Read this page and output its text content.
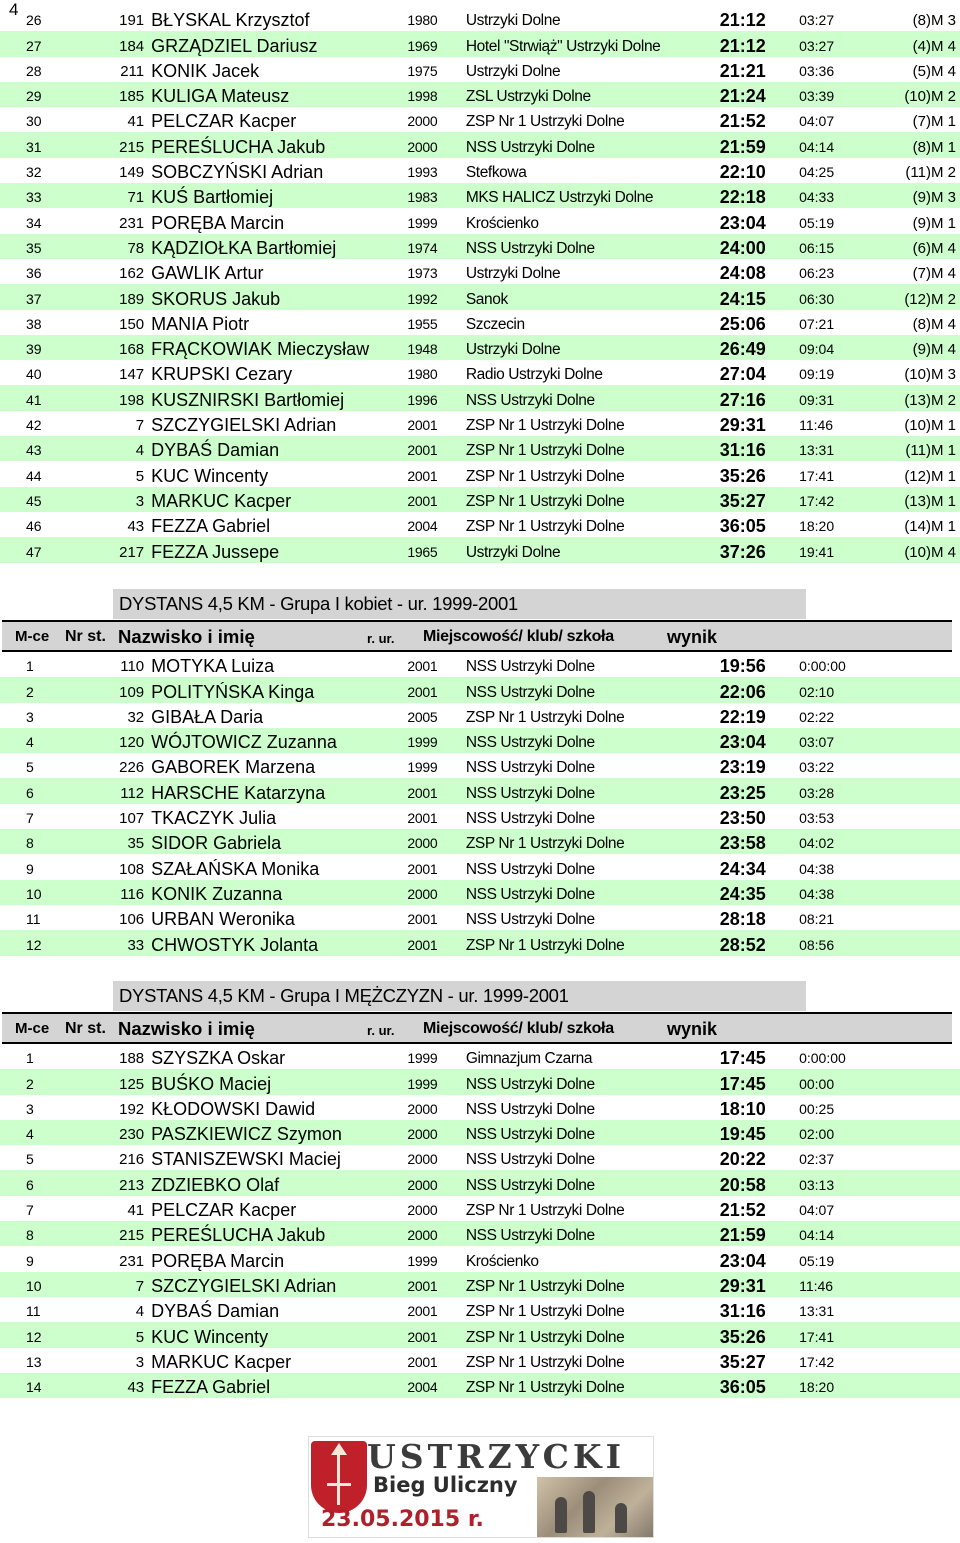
4
26	191	BŁYSKAL Krzysztof	1980	Ustrzyki Dolne	21:12	03:27	(8)M 3
27	184	GRZĄDZIEL Dariusz	1969	Hotel "Strwiąż" Ustrzyki Dolne	21:12	03:27	(4)M 4
28	211	KONIK Jacek	1975	Ustrzyki Dolne	21:21	03:36	(5)M 4
29	185	KULIGA Mateusz	1998	ZSL Ustrzyki Dolne	21:24	03:39	(10)M 2
30	41	PELCZAR Kacper	2000	ZSP Nr 1 Ustrzyki Dolne	21:52	04:07	(7)M 1
31	215	PEREŚLUCHA Jakub	2000	NSS Ustrzyki Dolne	21:59	04:14	(8)M 1
32	149	SOBCZYŃSKI Adrian	1993	Stefkowa	22:10	04:25	(11)M 2
33	71	KUŚ Bartłomiej	1983	MKS HALICZ Ustrzyki Dolne	22:18	04:33	(9)M 3
34	231	PORĘBA Marcin	1999	Krościenko	23:04	05:19	(9)M 1
35	78	KĄDZIOŁKA Bartłomiej	1974	NSS Ustrzyki Dolne	24:00	06:15	(6)M 4
36	162	GAWLIK Artur	1973	Ustrzyki Dolne	24:08	06:23	(7)M 4
37	189	SKORUS Jakub	1992	Sanok	24:15	06:30	(12)M 2
38	150	MANIA Piotr	1955	Szczecin	25:06	07:21	(8)M 4
39	168	FRĄCKOWIAK Mieczysław	1948	Ustrzyki Dolne	26:49	09:04	(9)M 4
40	147	KRUPSKI Cezary	1980	Radio Ustrzyki Dolne	27:04	09:19	(10)M 3
41	198	KUSZNIRSKI Bartłomiej	1996	NSS Ustrzyki Dolne	27:16	09:31	(13)M 2
42	7	SZCZYGIELSKI Adrian	2001	ZSP Nr 1 Ustrzyki Dolne	29:31	11:46	(10)M 1
43	4	DYBAŚ Damian	2001	ZSP Nr 1 Ustrzyki Dolne	31:16	13:31	(11)M 1
44	5	KUC Wincenty	2001	ZSP Nr 1 Ustrzyki Dolne	35:26	17:41	(12)M 1
45	3	MARKUC Kacper	2001	ZSP Nr 1 Ustrzyki Dolne	35:27	17:42	(13)M 1
46	43	FEZZA Gabriel	2004	ZSP Nr 1 Ustrzyki Dolne	36:05	18:20	(14)M 1
47	217	FEZZA Jussepe	1965	Ustrzyki Dolne	37:26	19:41	(10)M 4
DYSTANS 4,5 KM - Grupa I kobiet - ur. 1999-2001
M-ce Nr st. Nazwisko i imię	r. ur. Miejscowość/ klub/ szkoła	wynik
1	110	MOTYKA Luiza	2001	NSS Ustrzyki Dolne	19:56	0:00:00	
2	109	POLITYŃSKA Kinga	2001	NSS Ustrzyki Dolne	22:06	02:10	
3	32	GIBAŁA Daria	2005	ZSP Nr 1 Ustrzyki Dolne	22:19	02:22	
4	120	WÓJTOWICZ Zuzanna	1999	NSS Ustrzyki Dolne	23:04	03:07	
5	226	GABOREK Marzena	1999	NSS Ustrzyki Dolne	23:19	03:22	
6	112	HARSCHE Katarzyna	2001	NSS Ustrzyki Dolne	23:25	03:28	
7	107	TKACZYK Julia	2001	NSS Ustrzyki Dolne	23:50	03:53	
8	35	SIDOR Gabriela	2000	ZSP Nr 1 Ustrzyki Dolne	23:58	04:02	
9	108	SZAŁAŃSKA Monika	2001	NSS Ustrzyki Dolne	24:34	04:38	
10	116	KONIK Zuzanna	2000	NSS Ustrzyki Dolne	24:35	04:38	
11	106	URBAN Weronika	2001	NSS Ustrzyki Dolne	28:18	08:21	
12	33	CHWOSTYK Jolanta	2001	ZSP Nr 1 Ustrzyki Dolne	28:52	08:56	
DYSTANS 4,5 KM - Grupa I MĘŻCZYZN - ur. 1999-2001
M-ce Nr st. Nazwisko i imię	r. ur. Miejscowość/ klub/ szkoła	wynik
1	188	SZYSZKA Oskar	1999	Gimnazjum Czarna	17:45	0:00:00	
2	125	BUŚKO Maciej	1999	NSS Ustrzyki Dolne	17:45	00:00	
3	192	KŁODOWSKI Dawid	2000	NSS Ustrzyki Dolne	18:10	00:25	
4	230	PASZKIEWICZ Szymon	2000	NSS Ustrzyki Dolne	19:45	02:00	
5	216	STANISZEWSKI Maciej	2000	NSS Ustrzyki Dolne	20:22	02:37	
6	213	ZDZIEBKO Olaf	2000	NSS Ustrzyki Dolne	20:58	03:13	
7	41	PELCZAR Kacper	2000	ZSP Nr 1 Ustrzyki Dolne	21:52	04:07	
8	215	PEREŚLUCHA Jakub	2000	NSS Ustrzyki Dolne	21:59	04:14	
9	231	PORĘBA Marcin	1999	Krościenko	23:04	05:19	
10	7	SZCZYGIELSKI Adrian	2001	ZSP Nr 1 Ustrzyki Dolne	29:31	11:46	
11	4	DYBAŚ Damian	2001	ZSP Nr 1 Ustrzyki Dolne	31:16	13:31	
12	5	KUC Wincenty	2001	ZSP Nr 1 Ustrzyki Dolne	35:26	17:41	
13	3	MARKUC Kacper	2001	ZSP Nr 1 Ustrzyki Dolne	35:27	17:42	
14	43	FEZZA Gabriel	2004	ZSP Nr 1 Ustrzyki Dolne	36:05	18:20	
USTRZYCKI
Bieg Uliczny
23.05.2015 r.
